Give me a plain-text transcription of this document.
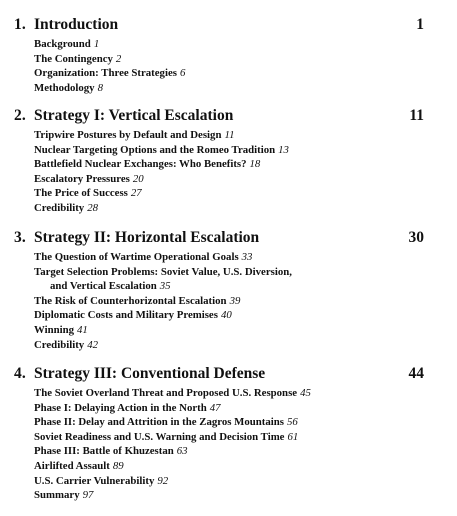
1. Introduction	1
Background 1
The Contingency 2
Organization: Three Strategies 6
Methodology 8
2. Strategy I: Vertical Escalation	11
Tripwire Postures by Default and Design 11
Nuclear Targeting Options and the Romeo Tradition 13
Battlefield Nuclear Exchanges: Who Benefits? 18
Escalatory Pressures 20
The Price of Success 27
Credibility 28
3. Strategy II: Horizontal Escalation	30
The Question of Wartime Operational Goals 33
Target Selection Problems: Soviet Value, U.S. Diversion,
and Vertical Escalation 35
The Risk of Counterhorizontal Escalation 39
Diplomatic Costs and Military Premises 40
Winning 41
Credibility 42
4. Strategy III: Conventional Defense	44
The Soviet Overland Threat and Proposed U.S. Response 45
Phase I: Delaying Action in the North 47
Phase II: Delay and Attrition in the Zagros Mountains 56
Soviet Readiness and U.S. Warning and Decision Time 61
Phase III: Battle of Khuzestan 63
Airlifted Assault 89
U.S. Carrier Vulnerability 92
Summary 97
